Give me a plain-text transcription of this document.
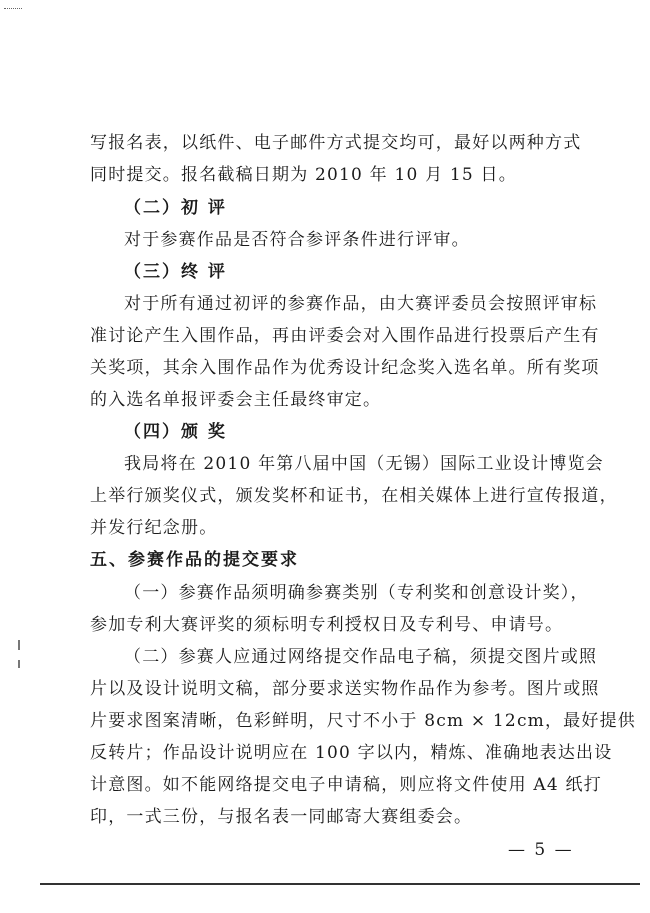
写报名表，以纸件、电子邮件方式提交均可，最好以两种方式
同时提交。报名截稿日期为 2010 年 10 月 15 日。
（二）初 评
对于参赛作品是否符合参评条件进行评审。
（三）终 评
对于所有通过初评的参赛作品，由大赛评委员会按照评审标
准讨论产生入围作品，再由评委会对入围作品进行投票后产生有
关奖项，其余入围作品作为优秀设计纪念奖入选名单。所有奖项
的入选名单报评委会主任最终审定。
（四）颁 奖
我局将在 2010 年第八届中国（无锡）国际工业设计博览会
上举行颁奖仪式，颁发奖杯和证书，在相关媒体上进行宣传报道，
并发行纪念册。
五、参赛作品的提交要求
（一）参赛作品须明确参赛类别（专利奖和创意设计奖），
参加专利大赛评奖的须标明专利授权日及专利号、申请号。
（二）参赛人应通过网络提交作品电子稿，须提交图片或照
片以及设计说明文稿，部分要求送实物作品作为参考。图片或照
片要求图案清晰，色彩鲜明，尺寸不小于 8cm × 12cm，最好提供
反转片；作品设计说明应在 100 字以内，精炼、准确地表达出设
计意图。如不能网络提交电子申请稿，则应将文件使用 A4 纸打
印，一式三份，与报名表一同邮寄大赛组委会。
— 5 —
